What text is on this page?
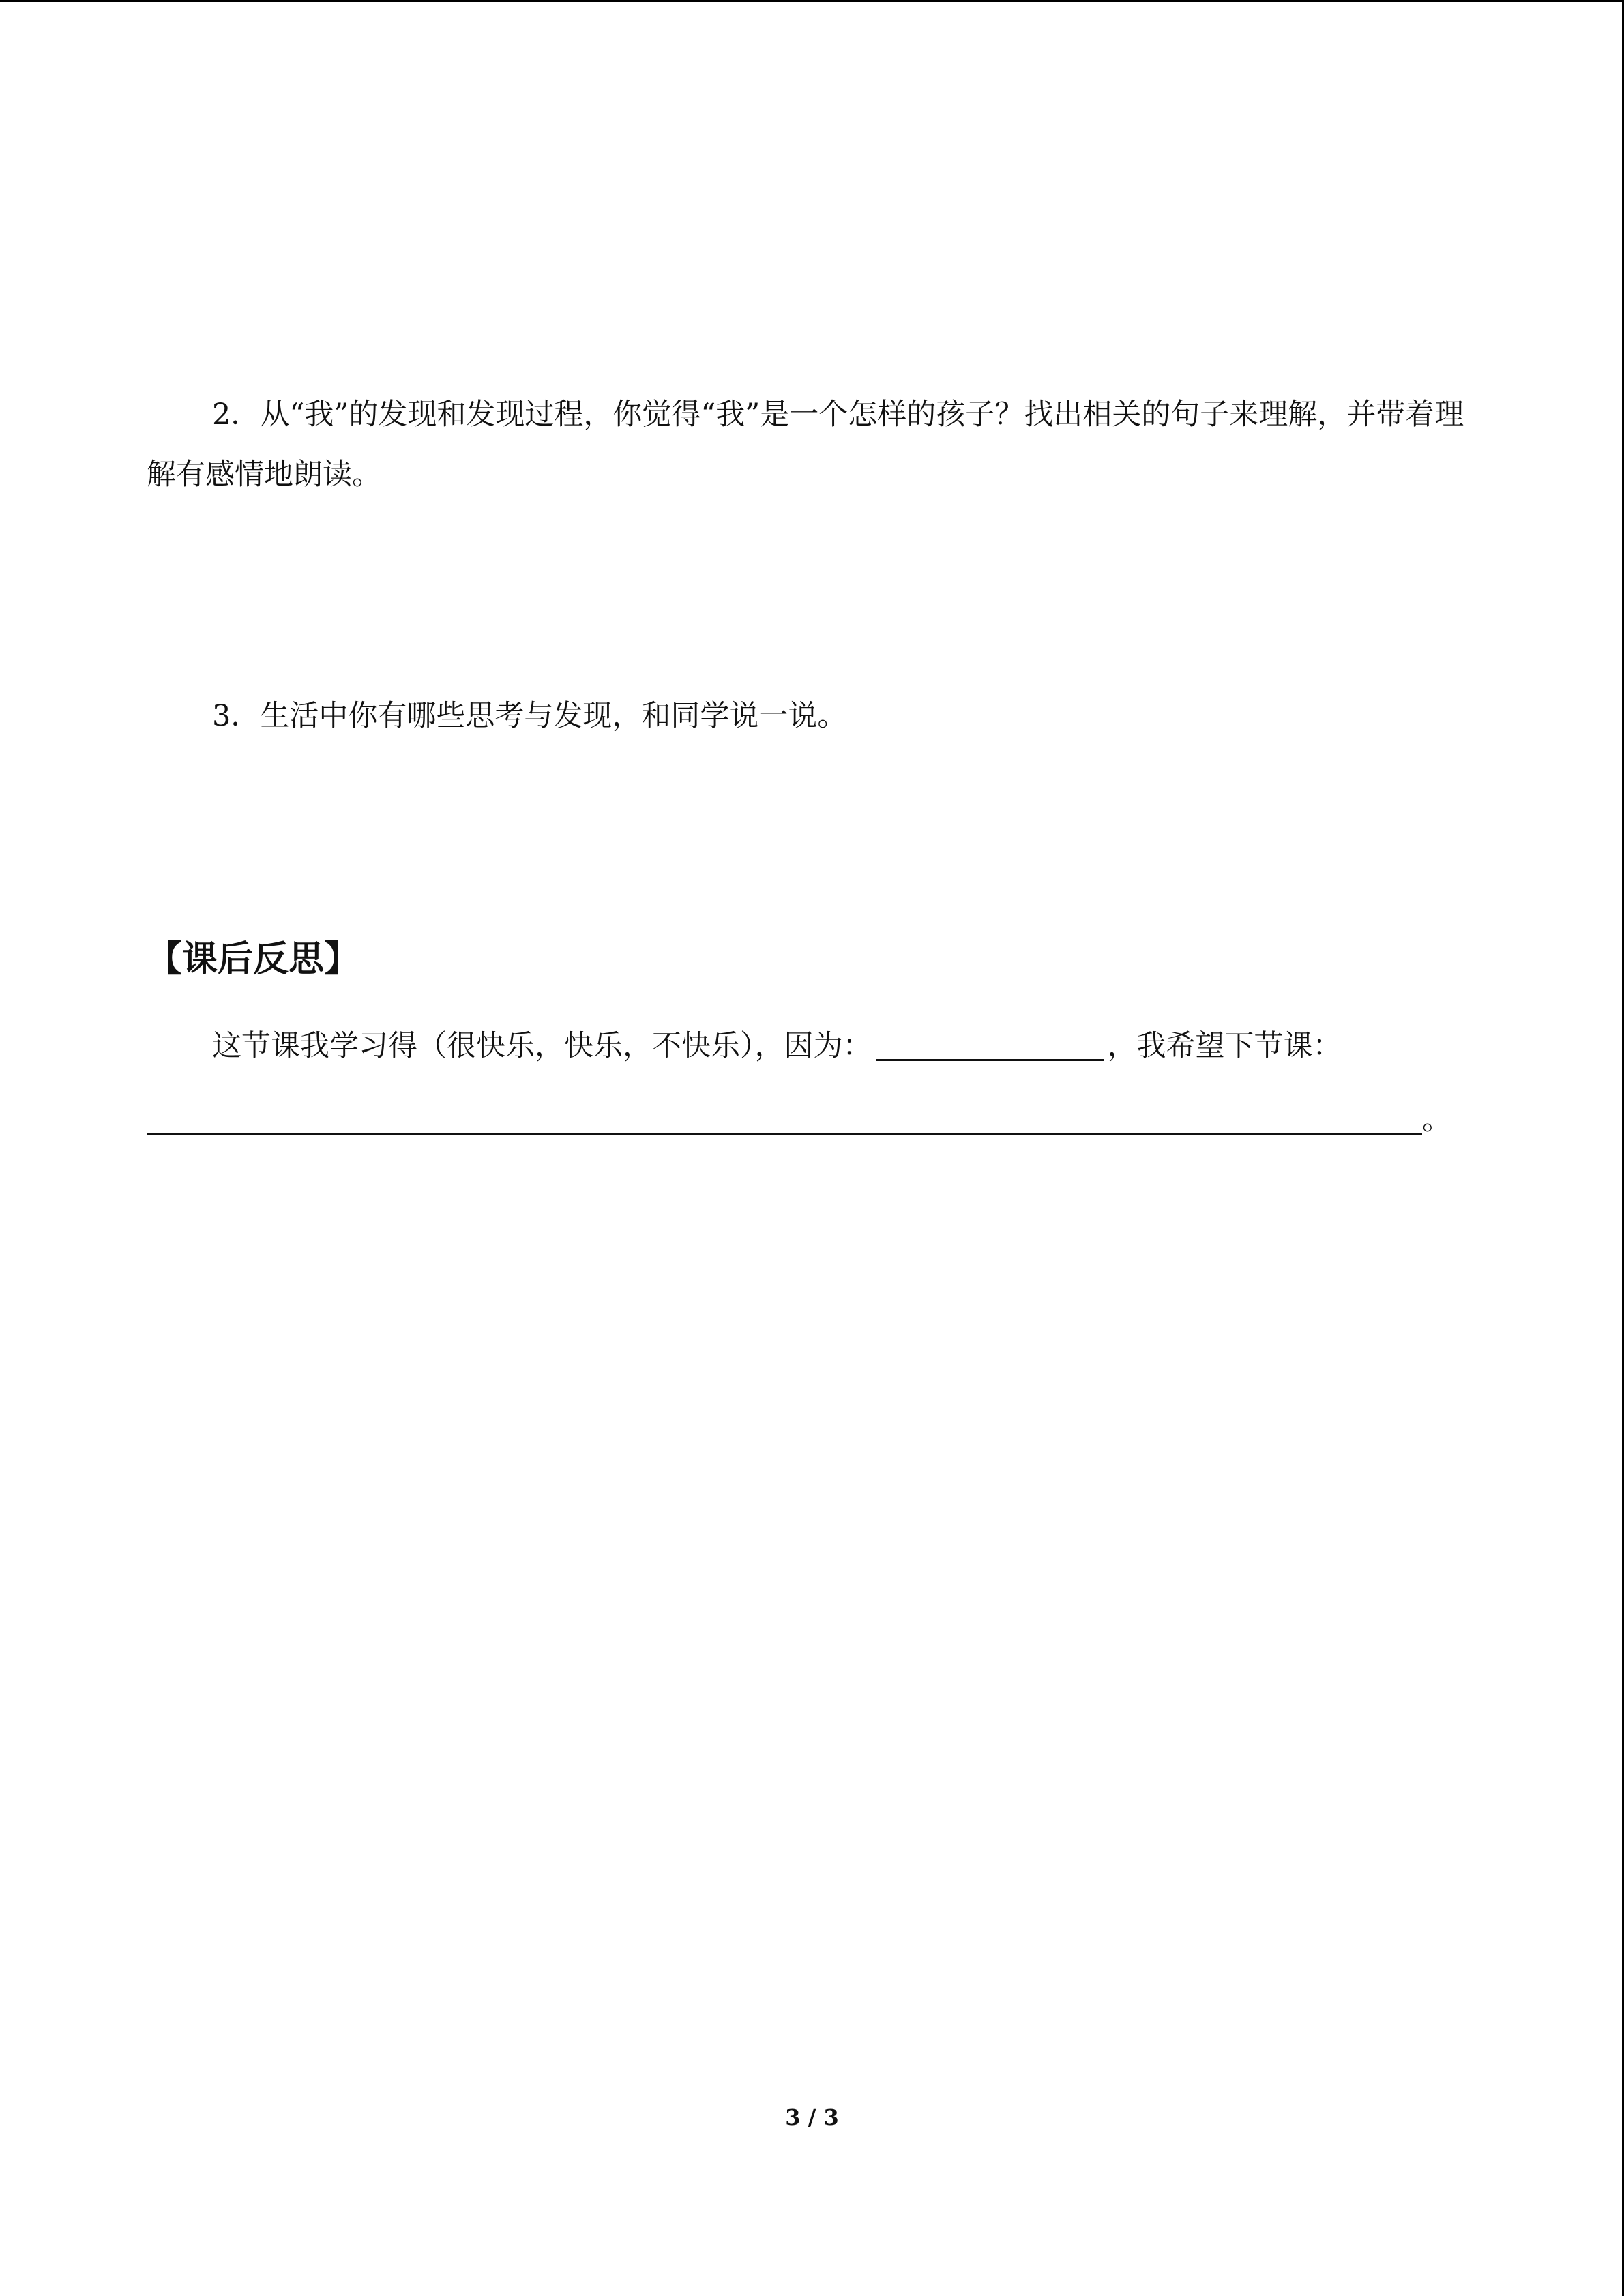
2．从“我”的发现和发现过程，你觉得“我”是一个怎样的孩子？找出相关的句子来理解，并带着理解有感情地朗读。

3．生活中你有哪些思考与发现，和同学说一说。

【课后反思】
这节课我学习得（很快乐，快乐，不快乐），因为：	，我希望下节课：
。
3 / 3
